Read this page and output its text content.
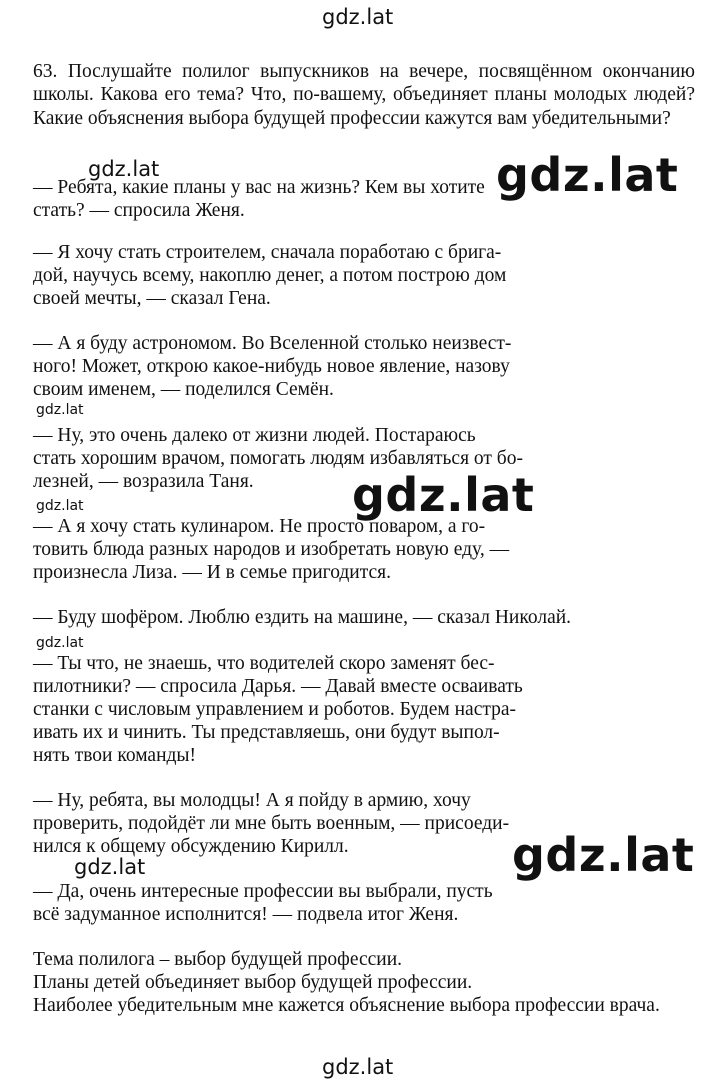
gdz.lat
gdz.lat
gdz.lat
gdz.lat
gdz.lat
gdz.lat
gdz.lat
63. Послушайте полилог выпускников на вечере, посвящённом окончанию школы. Какова его тема? Что, по-вашему, объединяет планы молодых людей? Какие объяснения выбора будущей профессии кажутся вам убедительными?
— Ребята, какие планы у вас на жизнь? Кем вы хотите
стать? — спросила Женя.
— Я хочу стать строителем, сначала поработаю с брига-
дой, научусь всему, накоплю денег, а потом построю дом
своей мечты, — сказал Гена.
— А я буду астрономом. Во Вселенной столько неизвест-
ного! Может, открою какое-нибудь новое явление, назову
своим именем, — поделился Семён.
— Ну, это очень далеко от жизни людей. Постараюсь
стать хорошим врачом, помогать людям избавляться от бо-
лезней, — возразила Таня.
— А я хочу стать кулинаром. Не просто поваром, а го-
товить блюда разных народов и изобретать новую еду, —
произнесла Лиза. — И в семье пригодится.
— Буду шофёром. Люблю ездить на машине, — сказал Николай.
— Ты что, не знаешь, что водителей скоро заменят бес-
пилотники? — спросила Дарья. — Давай вместе осваивать
станки с числовым управлением и роботов. Будем настра-
ивать их и чинить. Ты представляешь, они будут выпол-
нять твои команды!
— Ну, ребята, вы молодцы! А я пойду в армию, хочу
проверить, подойдёт ли мне быть военным, — присоеди-
нился к общему обсуждению Кирилл.
— Да, очень интересные профессии вы выбрали, пусть
всё задуманное исполнится! — подвела итог Женя.
Тема полилога – выбор будущей профессии.
Планы детей объединяет выбор будущей профессии.
Наиболее убедительным мне кажется объяснение выбора профессии врача.
gdz.lat
gdz.lat
gdz.lat
